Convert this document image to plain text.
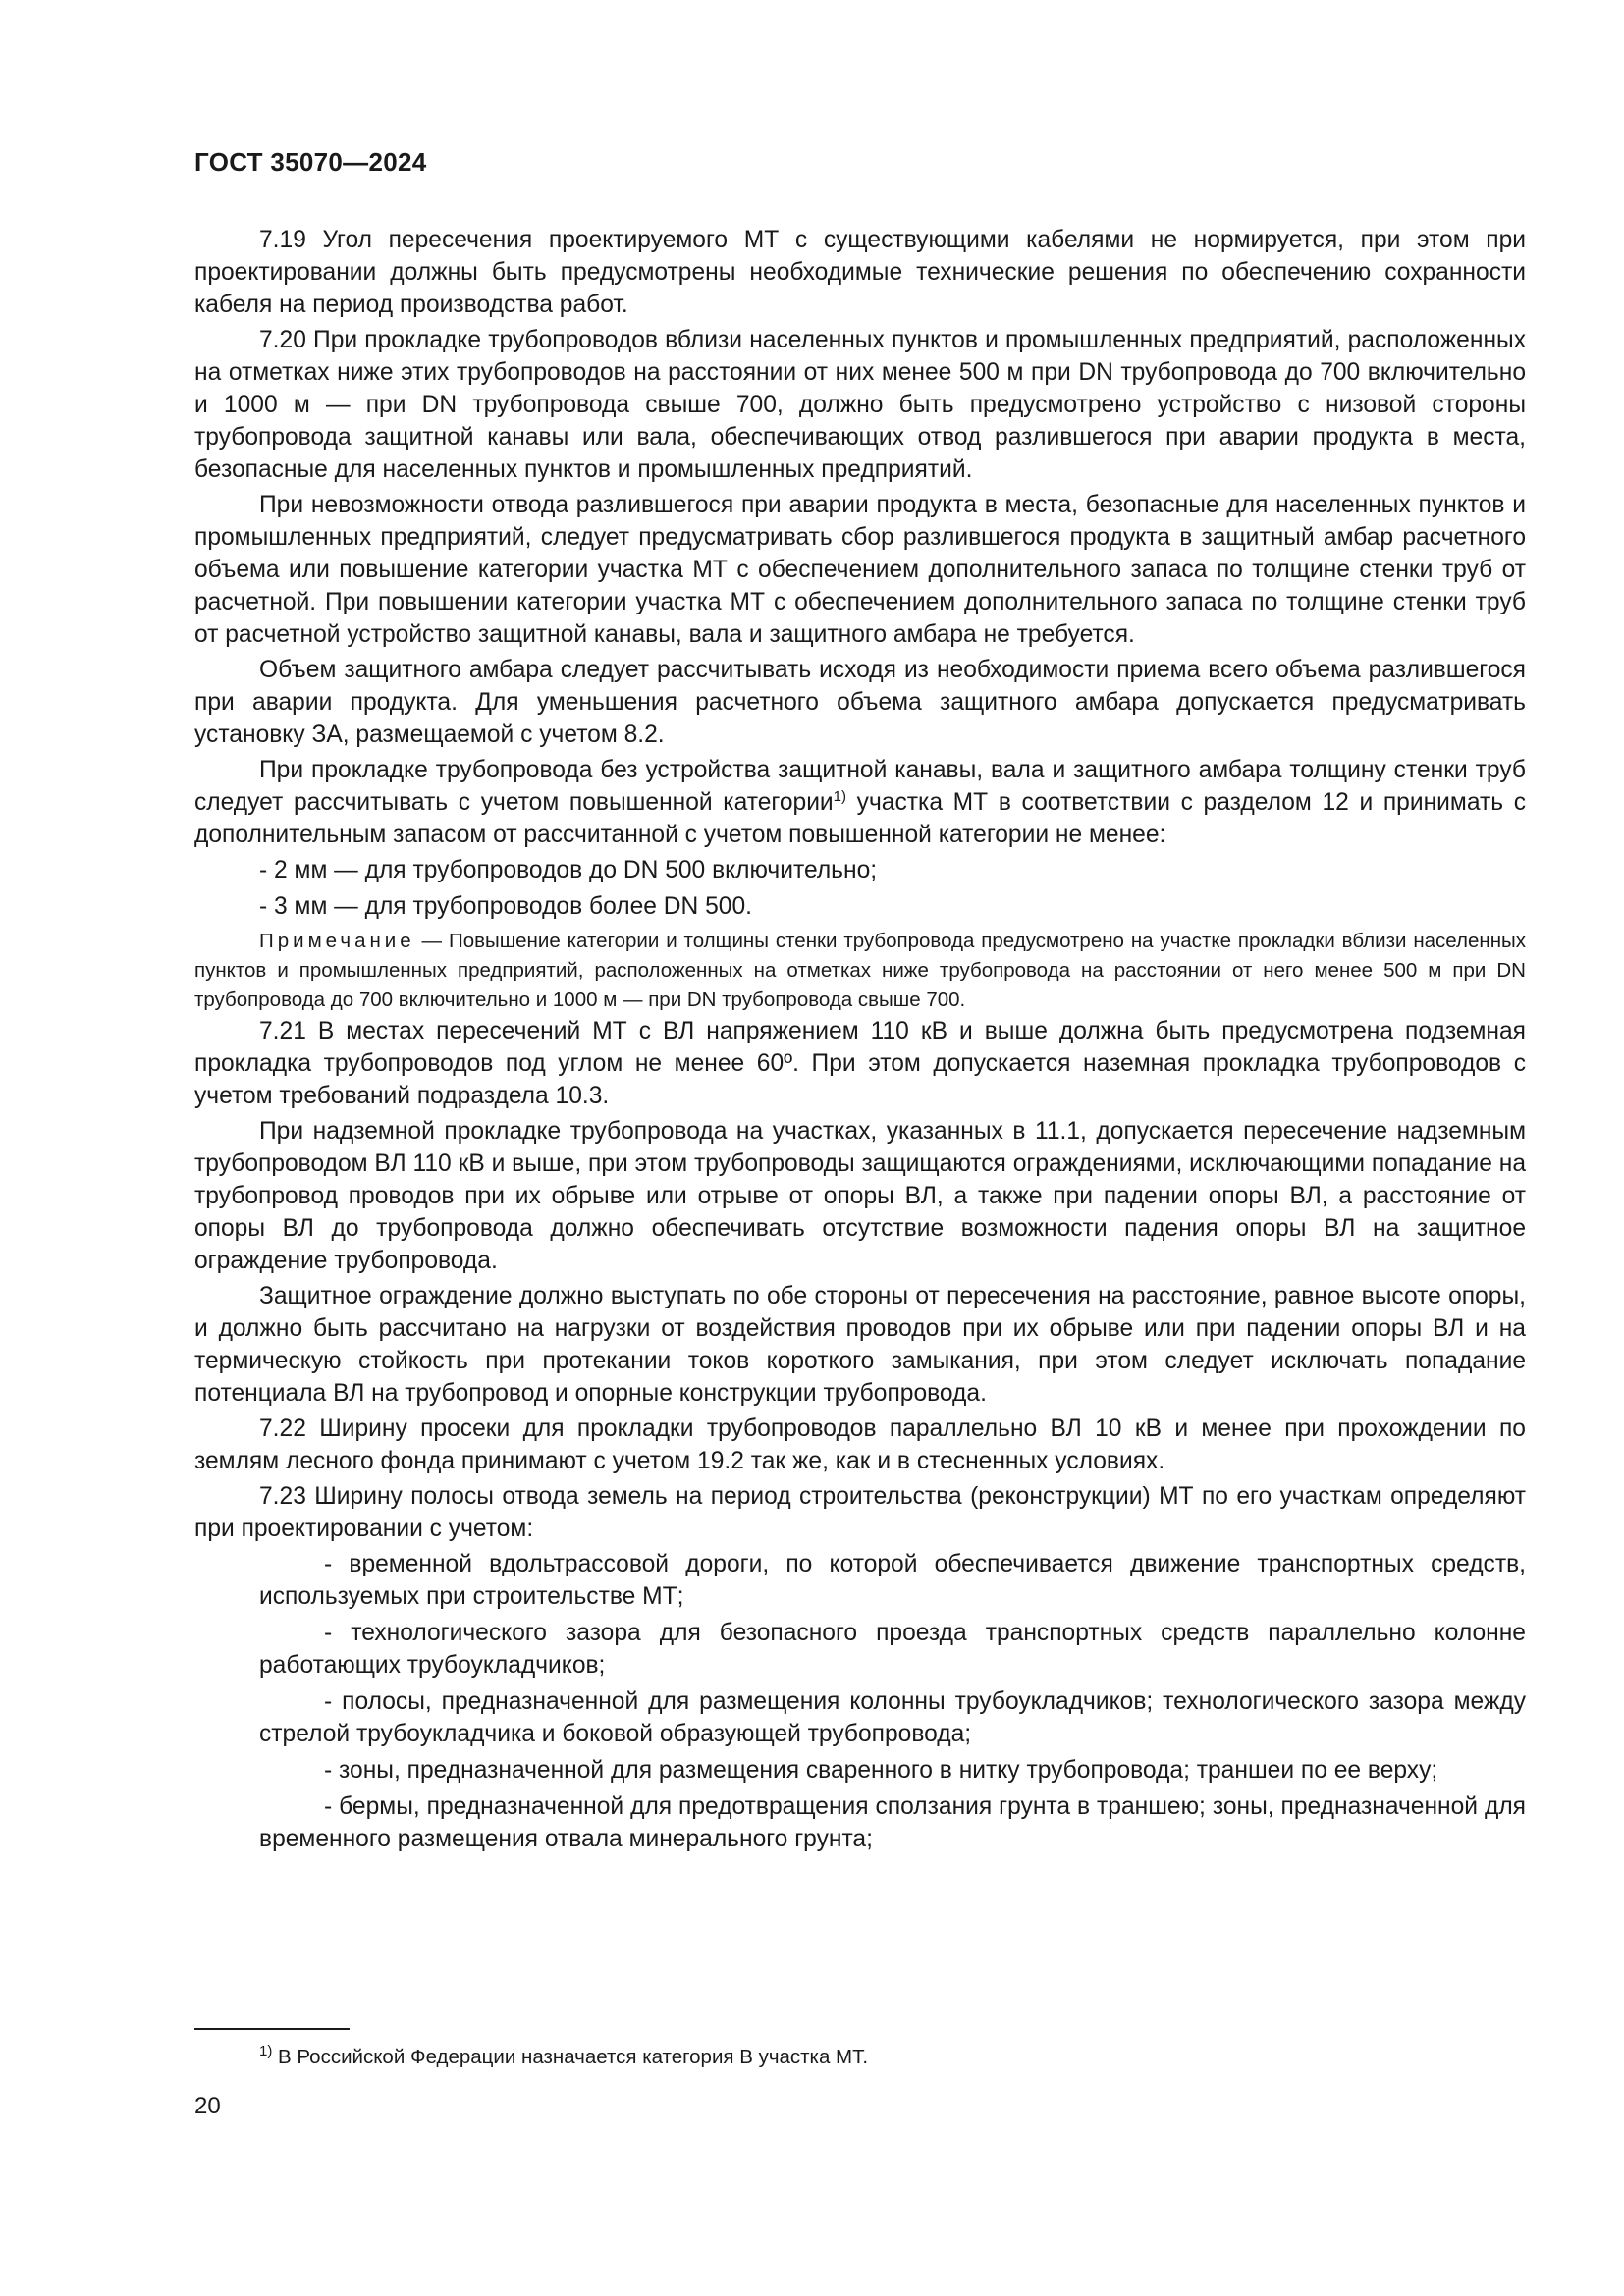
ГОСТ 35070—2024

7.19 Угол пересечения проектируемого МТ с существующими кабелями не нормируется, при этом при проектировании должны быть предусмотрены необходимые технические решения по обеспечению сохранности кабеля на период производства работ.

7.20 При прокладке трубопроводов вблизи населенных пунктов и промышленных предприятий, расположенных на отметках ниже этих трубопроводов на расстоянии от них менее 500 м при DN трубопровода до 700 включительно и 1000 м — при DN трубопровода свыше 700, должно быть предусмотрено устройство с низовой стороны трубопровода защитной канавы или вала, обеспечивающих отвод разлившегося при аварии продукта в места, безопасные для населенных пунктов и промышленных предприятий.

При невозможности отвода разлившегося при аварии продукта в места, безопасные для населенных пунктов и промышленных предприятий, следует предусматривать сбор разлившегося продукта в защитный амбар расчетного объема или повышение категории участка МТ с обеспечением дополнительного запаса по толщине стенки труб от расчетной. При повышении категории участка МТ с обеспечением дополнительного запаса по толщине стенки труб от расчетной устройство защитной канавы, вала и защитного амбара не требуется.

Объем защитного амбара следует рассчитывать исходя из необходимости приема всего объема разлившегося при аварии продукта. Для уменьшения расчетного объема защитного амбара допускается предусматривать установку ЗА, размещаемой с учетом 8.2.

При прокладке трубопровода без устройства защитной канавы, вала и защитного амбара толщину стенки труб следует рассчитывать с учетом повышенной категории$^{1)}$ участка МТ в соответствии с разделом 12 и принимать с дополнительным запасом от рассчитанной с учетом повышенной категории не менее:

- 2 мм — для трубопроводов до DN 500 включительно;

- 3 мм — для трубопроводов более DN 500.

Примечание — Повышение категории и толщины стенки трубопровода предусмотрено на участке прокладки вблизи населенных пунктов и промышленных предприятий, расположенных на отметках ниже трубопровода на расстоянии от него менее 500 м при DN трубопровода до 700 включительно и 1000 м — при DN трубопровода свыше 700.

7.21 В местах пересечений МТ с ВЛ напряжением 110 кВ и выше должна быть предусмотрена подземная прокладка трубопроводов под углом не менее 60º. При этом допускается наземная прокладка трубопроводов с учетом требований подраздела 10.3.

При надземной прокладке трубопровода на участках, указанных в 11.1, допускается пересечение надземным трубопроводом ВЛ 110 кВ и выше, при этом трубопроводы защищаются ограждениями, исключающими попадание на трубопровод проводов при их обрыве или отрыве от опоры ВЛ, а также при падении опоры ВЛ, а расстояние от опоры ВЛ до трубопровода должно обеспечивать отсутствие возможности падения опоры ВЛ на защитное ограждение трубопровода.

Защитное ограждение должно выступать по обе стороны от пересечения на расстояние, равное высоте опоры, и должно быть рассчитано на нагрузки от воздействия проводов при их обрыве или при падении опоры ВЛ и на термическую стойкость при протекании токов короткого замыкания, при этом следует исключать попадание потенциала ВЛ на трубопровод и опорные конструкции трубопровода.

7.22 Ширину просеки для прокладки трубопроводов параллельно ВЛ 10 кВ и менее при прохождении по землям лесного фонда принимают с учетом 19.2 так же, как и в стесненных условиях.

7.23 Ширину полосы отвода земель на период строительства (реконструкции) МТ по его участкам определяют при проектировании с учетом:

- временной вдольтрассовой дороги, по которой обеспечивается движение транспортных средств, используемых при строительстве МТ;

- технологического зазора для безопасного проезда транспортных средств параллельно колонне работающих трубоукладчиков;

- полосы, предназначенной для размещения колонны трубоукладчиков; технологического зазора между стрелой трубоукладчика и боковой образующей трубопровода;

- зоны, предназначенной для размещения сваренного в нитку трубопровода; траншеи по ее верху;

- бермы, предназначенной для предотвращения сползания грунта в траншею; зоны, предназначенной для временного размещения отвала минерального грунта;

$^{1)}$ В Российской Федерации назначается категория В участка МТ.
20
